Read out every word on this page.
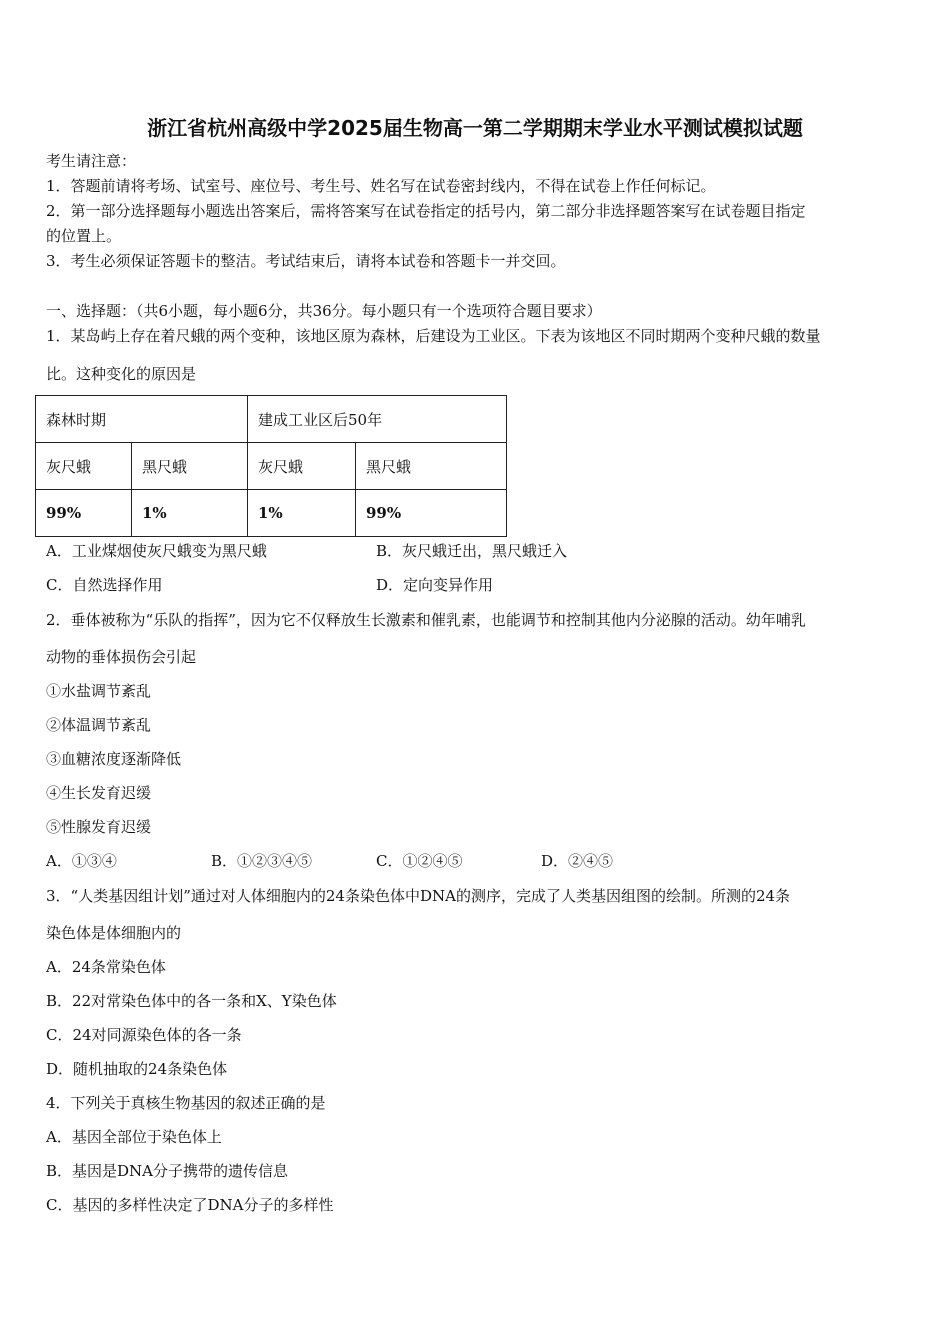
浙江省杭州高级中学2025届生物高一第二学期期末学业水平测试模拟试题
考生请注意：
1．答题前请将考场、试室号、座位号、考生号、姓名写在试卷密封线内，不得在试卷上作任何标记。
2．第一部分选择题每小题选出答案后，需将答案写在试卷指定的括号内，第二部分非选择题答案写在试卷题目指定
的位置上。
3．考生必须保证答题卡的整洁。考试结束后，请将本试卷和答题卡一并交回。
一、选择题：（共6小题，每小题6分，共36分。每小题只有一个选项符合题目要求）
1．某岛屿上存在着尺蛾的两个变种，该地区原为森林，后建设为工业区。下表为该地区不同时期两个变种尺蛾的数量
比。这种变化的原因是
森林时期		建成工业区后50年	
灰尺蛾	黑尺蛾	灰尺蛾	黑尺蛾
99%	1%	1%	99%
A．工业煤烟使灰尺蛾变为黑尺蛾	B．灰尺蛾迁出，黑尺蛾迁入
C．自然选择作用	D．定向变异作用
2．垂体被称为“乐队的指挥”，因为它不仅释放生长激素和催乳素，也能调节和控制其他内分泌腺的活动。幼年哺乳
动物的垂体损伤会引起
①水盐调节紊乱
②体温调节紊乱
③血糖浓度逐渐降低
④生长发育迟缓
⑤性腺发育迟缓
A．①③④	B．①②③④⑤	C．①②④⑤	D．②④⑤
3．“人类基因组计划”通过对人体细胞内的24条染色体中DNA的测序，完成了人类基因组图的绘制。所测的24条
染色体是体细胞内的
A．24条常染色体
B．22对常染色体中的各一条和X、Y染色体
C．24对同源染色体的各一条
D．随机抽取的24条染色体
4．下列关于真核生物基因的叙述正确的是
A．基因全部位于染色体上
B．基因是DNA分子携带的遗传信息
C．基因的多样性决定了DNA分子的多样性
